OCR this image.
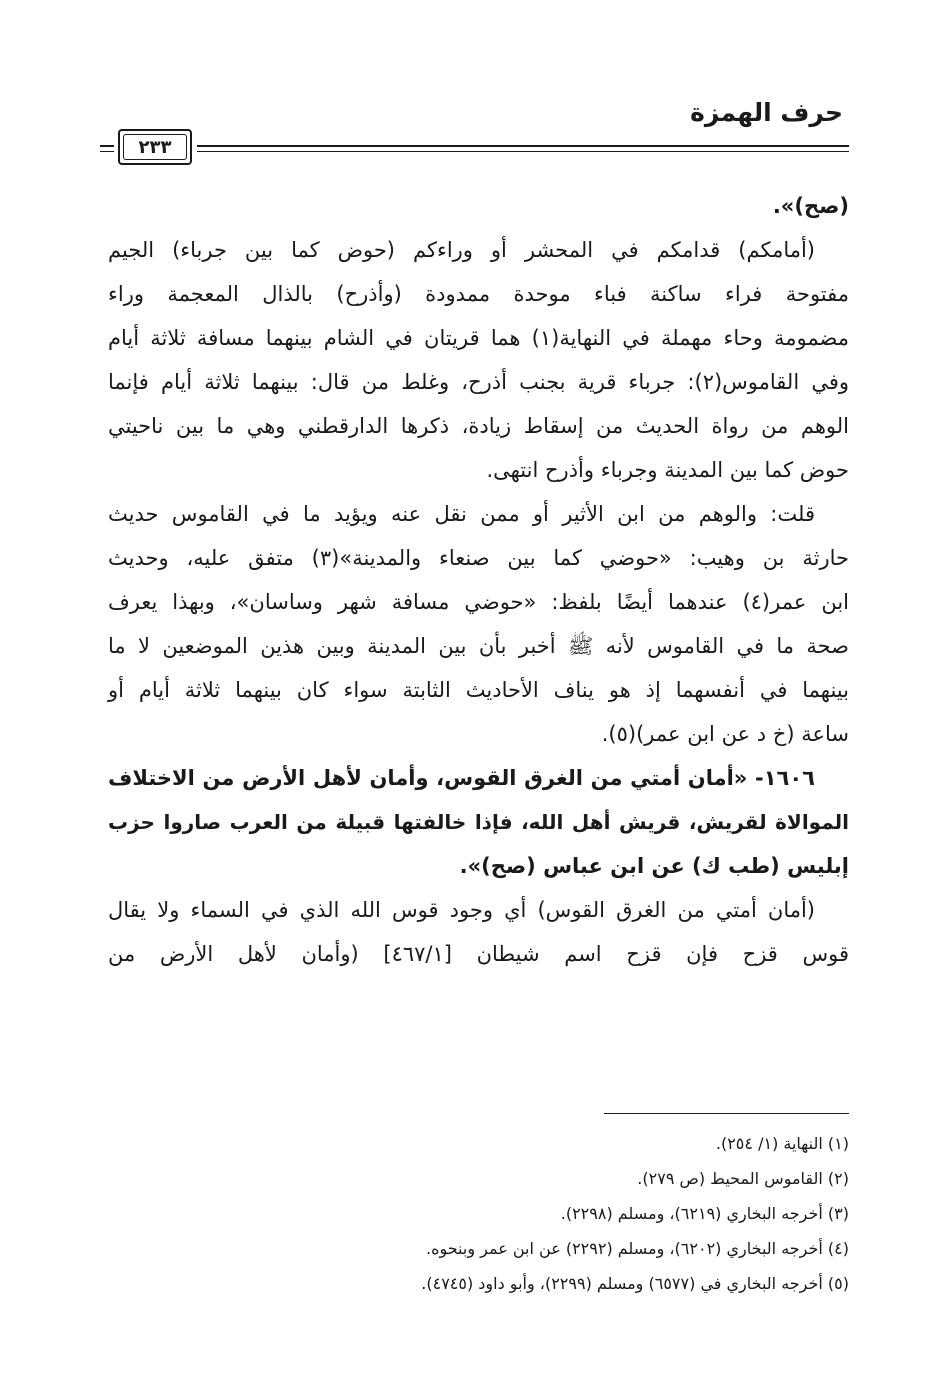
حرف الهمزة
٢٣٣
(صح)».
(أمامكم) قدامكم في المحشر أو وراءكم (حوض كما بين جرباء) الجيم
مفتوحة فراء ساكنة فباء موحدة ممدودة (وأذرح) بالذال المعجمة وراء
مضمومة وحاء مهملة في النهاية(١) هما قريتان في الشام بينهما مسافة ثلاثة أيام
وفي القاموس(٢): جرباء قرية بجنب أذرح، وغلط من قال: بينهما ثلاثة أيام فإنما
الوهم من رواة الحديث من إسقاط زيادة، ذكرها الدارقطني وهي ما بين ناحيتي
حوض كما بين المدينة وجرباء وأذرح انتهى.
قلت: والوهم من ابن الأثير أو ممن نقل عنه ويؤيد ما في القاموس حديث
حارثة بن وهيب: «حوضي كما بين صنعاء والمدينة»(٣) متفق عليه، وحديث
ابن عمر(٤) عندهما أيضًا بلفظ: «حوضي مسافة شهر وساسان»، وبهذا يعرف
صحة ما في القاموس لأنه ﷺ أخبر بأن بين المدينة وبين هذين الموضعين لا ما
بينهما في أنفسهما إذ هو يناف الأحاديث الثابتة سواء كان بينهما ثلاثة أيام أو
ساعة (خ د عن ابن عمر)(٥).
١٦٠٦- «أمان أمتي من الغرق القوس، وأمان لأهل الأرض من الاختلاف
الموالاة لقريش، قريش أهل الله، فإذا خالفتها قبيلة من العرب صاروا حزب
إبليس (طب ك) عن ابن عباس (صح)».
(أمان أمتي من الغرق القوس) أي وجود قوس الله الذي في السماء ولا يقال
قوس قزح فإن قزح اسم شيطان [٤٦٧/١] (وأمان لأهل الأرض من
(١) النهاية (١/ ٢٥٤).
(٢) القاموس المحيط (ص ٢٧٩).
(٣) أخرجه البخاري (٦٢١٩)، ومسلم (٢٢٩٨).
(٤) أخرجه البخاري (٦٢٠٢)، ومسلم (٢٢٩٢) عن ابن عمر وبنحوه.
(٥) أخرجه البخاري في (٦٥٧٧) ومسلم (٢٢٩٩)، وأبو داود (٤٧٤٥).
